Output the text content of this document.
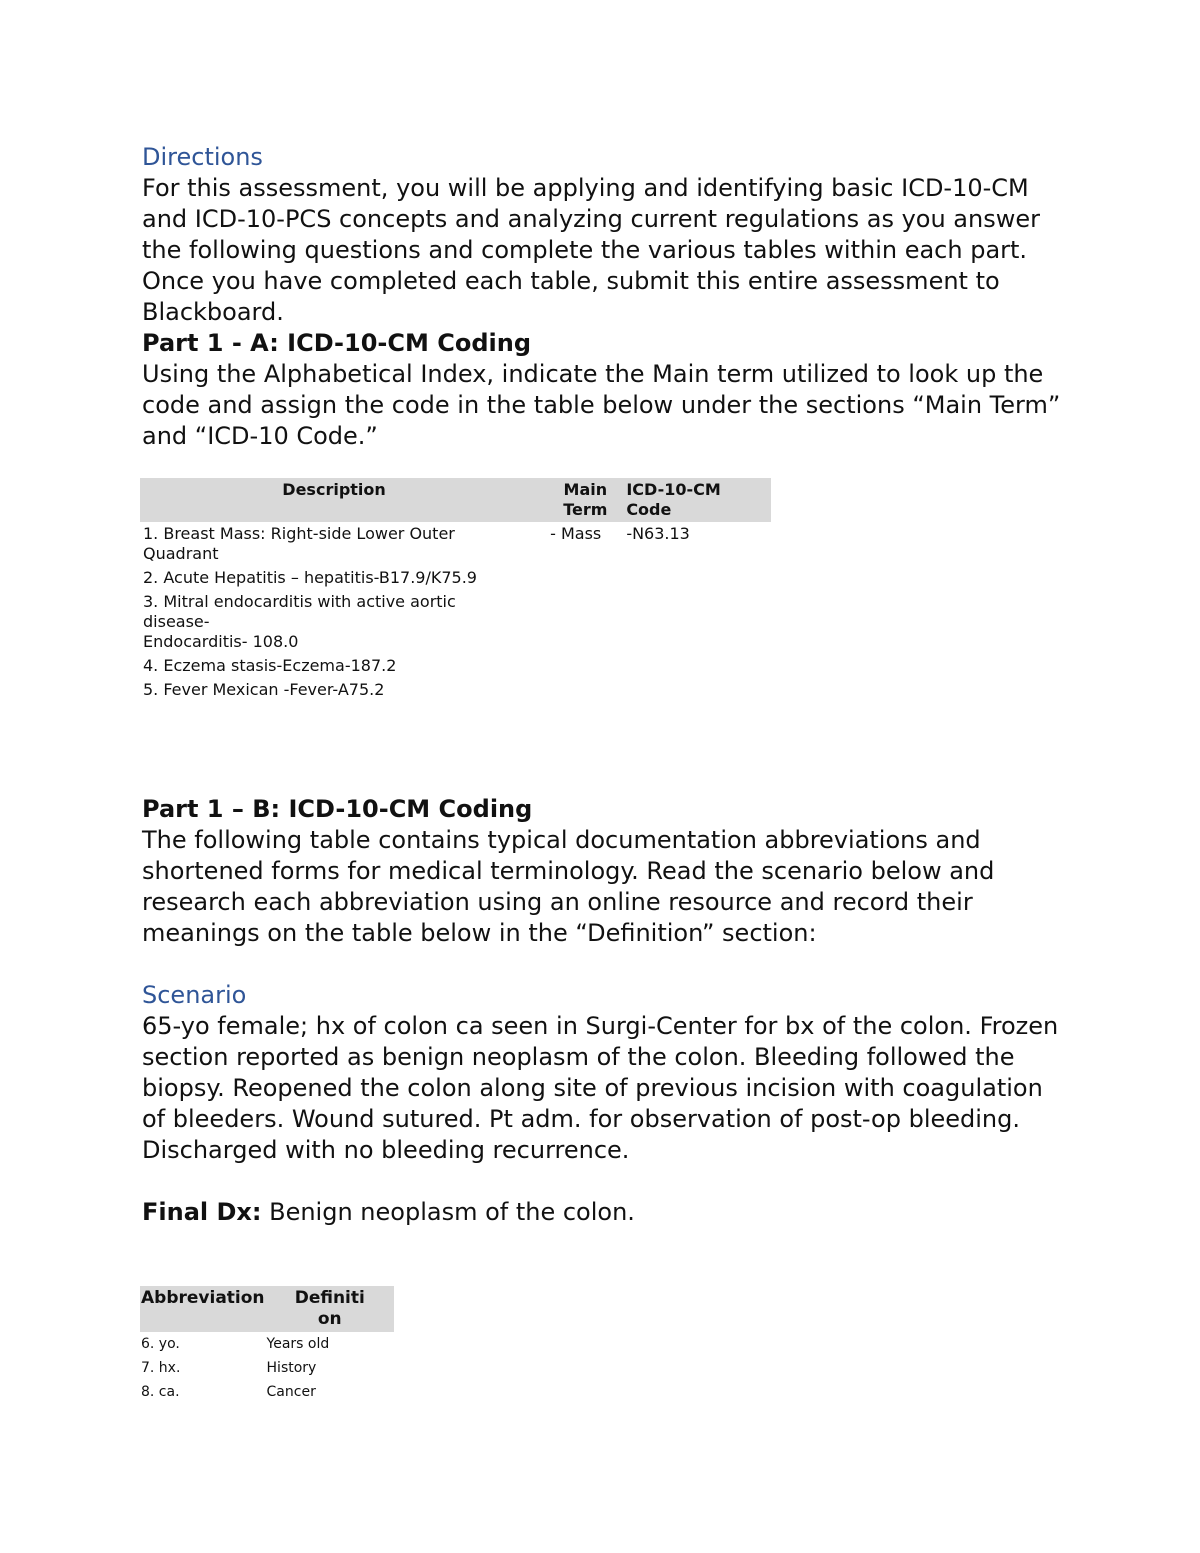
Directions

For this assessment, you will be applying and identifying basic ICD-10-CM and ICD-10-PCS concepts and analyzing current regulations as you answer the following questions and complete the various tables within each part. Once you have completed each table, submit this entire assessment to Blackboard.

Part 1 - A: ICD-10-CM Coding

Using the Alphabetical Index, indicate the Main term utilized to look up the code and assign the code in the table below under the sections “Main Term” and “ICD-10 Code.”

Description	Main Term	ICD-10-CM Code
1. Breast Mass: Right-side Lower Outer Quadrant	- Mass	-N63.13
2. Acute Hepatitis – hepatitis-B17.9/K75.9		
3. Mitral endocarditis with active aortic disease-
Endocarditis- 108.0		
4. Eczema stasis-Eczema-187.2		
5. Fever Mexican -Fever-A75.2		
Part 1 – B: ICD-10-CM Coding

The following table contains typical documentation abbreviations and shortened forms for medical terminology. Read the scenario below and research each abbreviation using an online resource and record their meanings on the table below in the “Definition” section:

Scenario

65-yo female; hx of colon ca seen in Surgi-Center for bx of the colon. Frozen section reported as benign neoplasm of the colon. Bleeding followed the biopsy. Reopened the colon along site of previous incision with coagulation of bleeders. Wound sutured. Pt adm. for observation of post-op bleeding. Discharged with no bleeding recurrence.

Final Dx: Benign neoplasm of the colon.

Abbreviation	Definition
6. yo.	Years old
7. hx.	History
8. ca.	Cancer
